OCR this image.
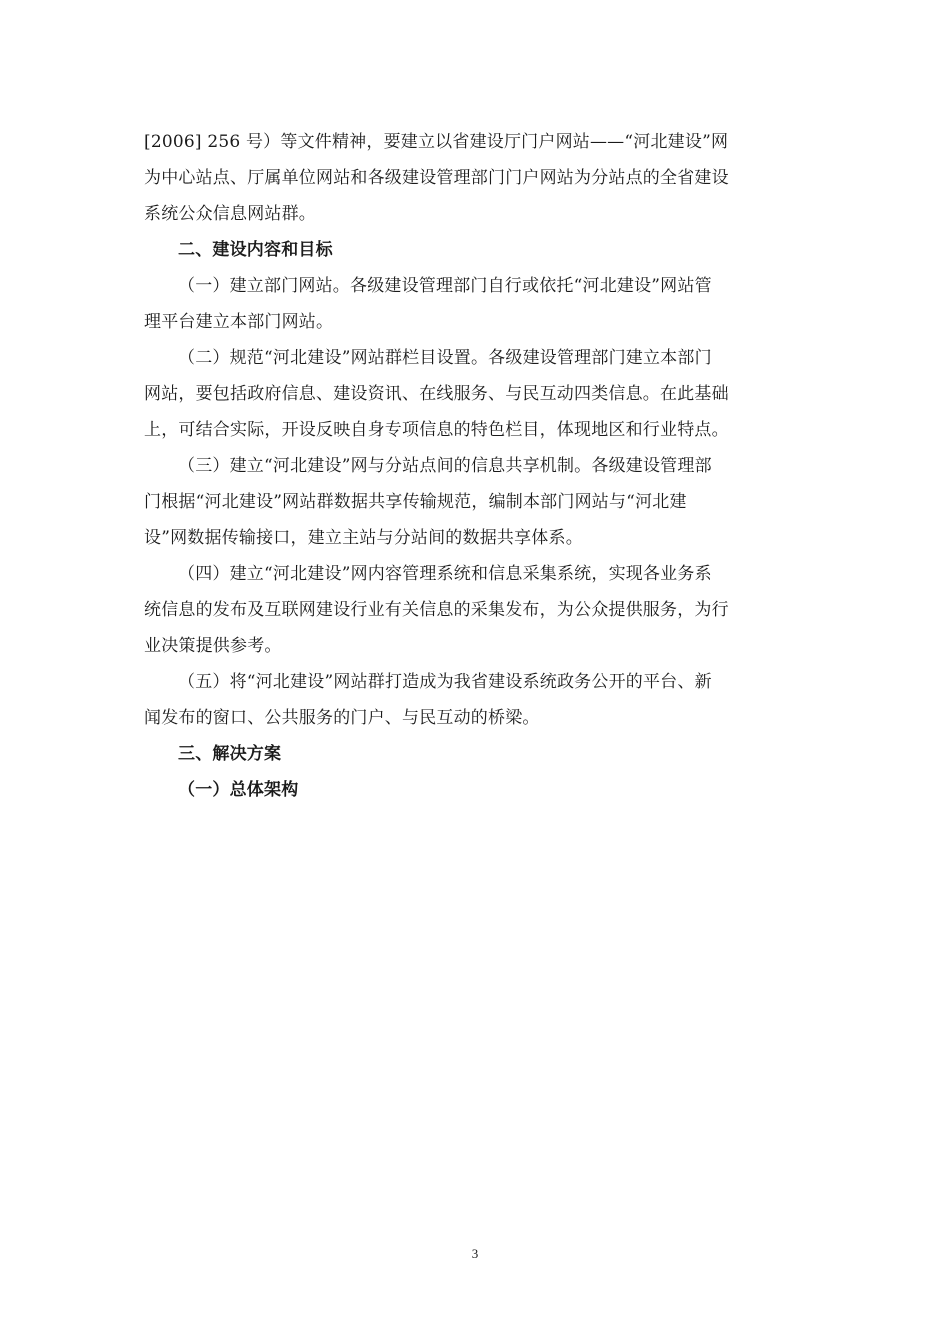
[2006] 256 号）等文件精神，要建立以省建设厅门户网站——“河北建设”网
为中心站点、厅属单位网站和各级建设管理部门门户网站为分站点的全省建设
系统公众信息网站群。
二、建设内容和目标
（一）建立部门网站。各级建设管理部门自行或依托“河北建设”网站管
理平台建立本部门网站。
（二）规范“河北建设”网站群栏目设置。各级建设管理部门建立本部门
网站，要包括政府信息、建设资讯、在线服务、与民互动四类信息。在此基础
上，可结合实际，开设反映自身专项信息的特色栏目，体现地区和行业特点。
（三）建立“河北建设”网与分站点间的信息共享机制。各级建设管理部
门根据“河北建设”网站群数据共享传输规范，编制本部门网站与“河北建
设”网数据传输接口，建立主站与分站间的数据共享体系。
（四）建立“河北建设”网内容管理系统和信息采集系统，实现各业务系
统信息的发布及互联网建设行业有关信息的采集发布，为公众提供服务，为行
业决策提供参考。
（五）将“河北建设”网站群打造成为我省建设系统政务公开的平台、新
闻发布的窗口、公共服务的门户、与民互动的桥梁。
三、解决方案
（一）总体架构
3
